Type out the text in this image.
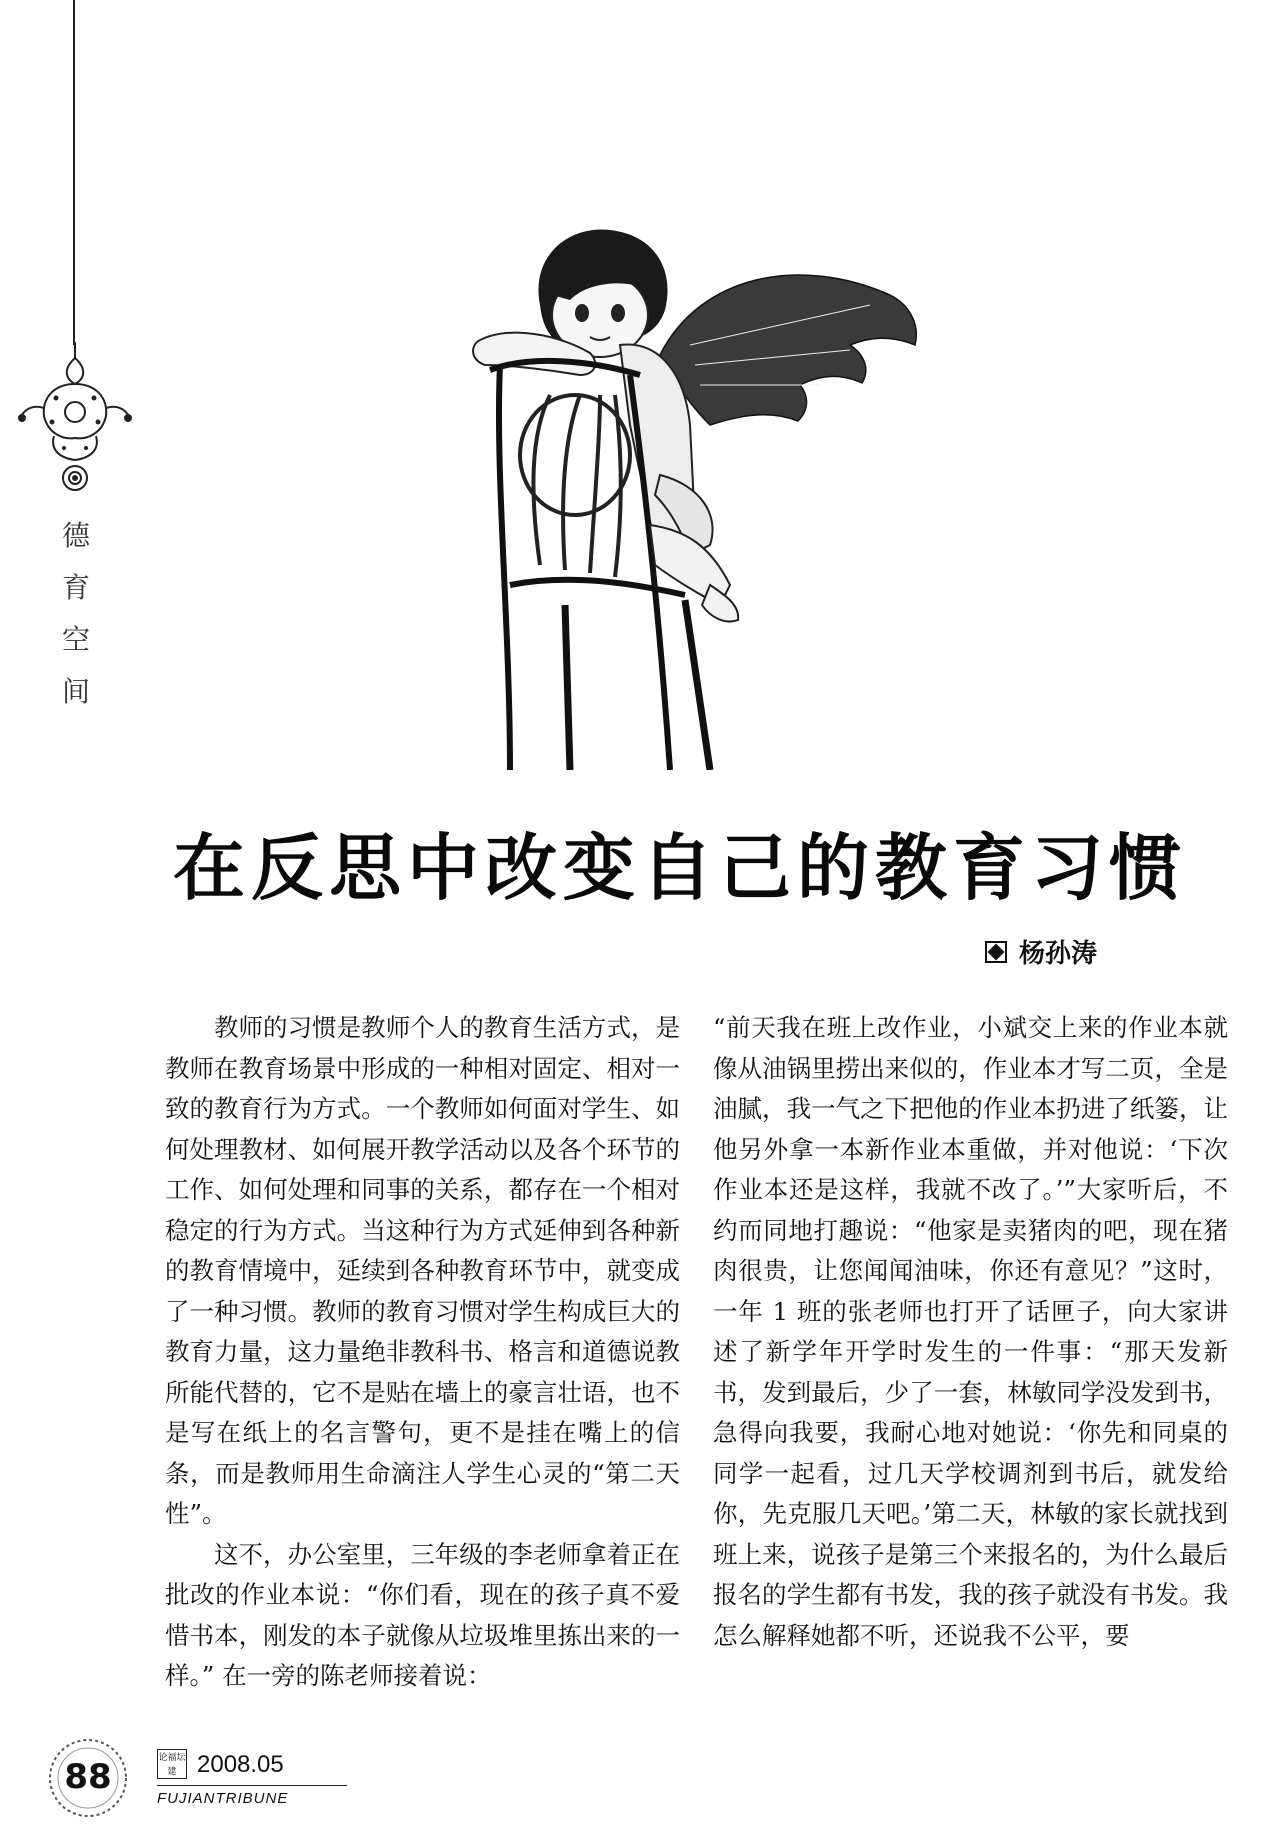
德
育
空
间
在反思中改变自己的教育习惯
杨孙涛

教师的习惯是教师个人的教育生活方式，是教师在教育场景中形成的一种相对固定、相对一致的教育行为方式。一个教师如何面对学生、如何处理教材、如何展开教学活动以及各个环节的工作、如何处理和同事的关系，都存在一个相对稳定的行为方式。当这种行为方式延伸到各种新的教育情境中，延续到各种教育环节中，就变成了一种习惯。教师的教育习惯对学生构成巨大的教育力量，这力量绝非教科书、格言和道德说教所能代替的，它不是贴在墙上的豪言壮语，也不是写在纸上的名言警句，更不是挂在嘴上的信条，而是教师用生命滴注人学生心灵的“第二天性”。

这不，办公室里，三年级的李老师拿着正在批改的作业本说：“你们看，现在的孩子真不爱惜书本，刚发的本子就像从垃圾堆里拣出来的一样。” 在一旁的陈老师接着说：

“前天我在班上改作业，小斌交上来的作业本就像从油锅里捞出来似的，作业本才写二页，全是油腻，我一气之下把他的作业本扔进了纸篓，让他另外拿一本新作业本重做，并对他说：‘下次作业本还是这样，我就不改了。’”大家听后，不约而同地打趣说：“他家是卖猪肉的吧，现在猪肉很贵，让您闻闻油味，你还有意见？”这时，一年 1 班的张老师也打开了话匣子，向大家讲述了新学年开学时发生的一件事：“那天发新书，发到最后，少了一套，林敏同学没发到书，急得向我要，我耐心地对她说：‘你先和同桌的同学一起看，过几天学校调剂到书后，就发给你，先克服几天吧。’第二天，林敏的家长就找到班上来，说孩子是第三个来报名的，为什么最后报名的学生都有书发，我的孩子就没有书发。我怎么解释她都不听，还说我不公平，要

88	论福坛建 2008.05
FUJIANTRIBUNE
